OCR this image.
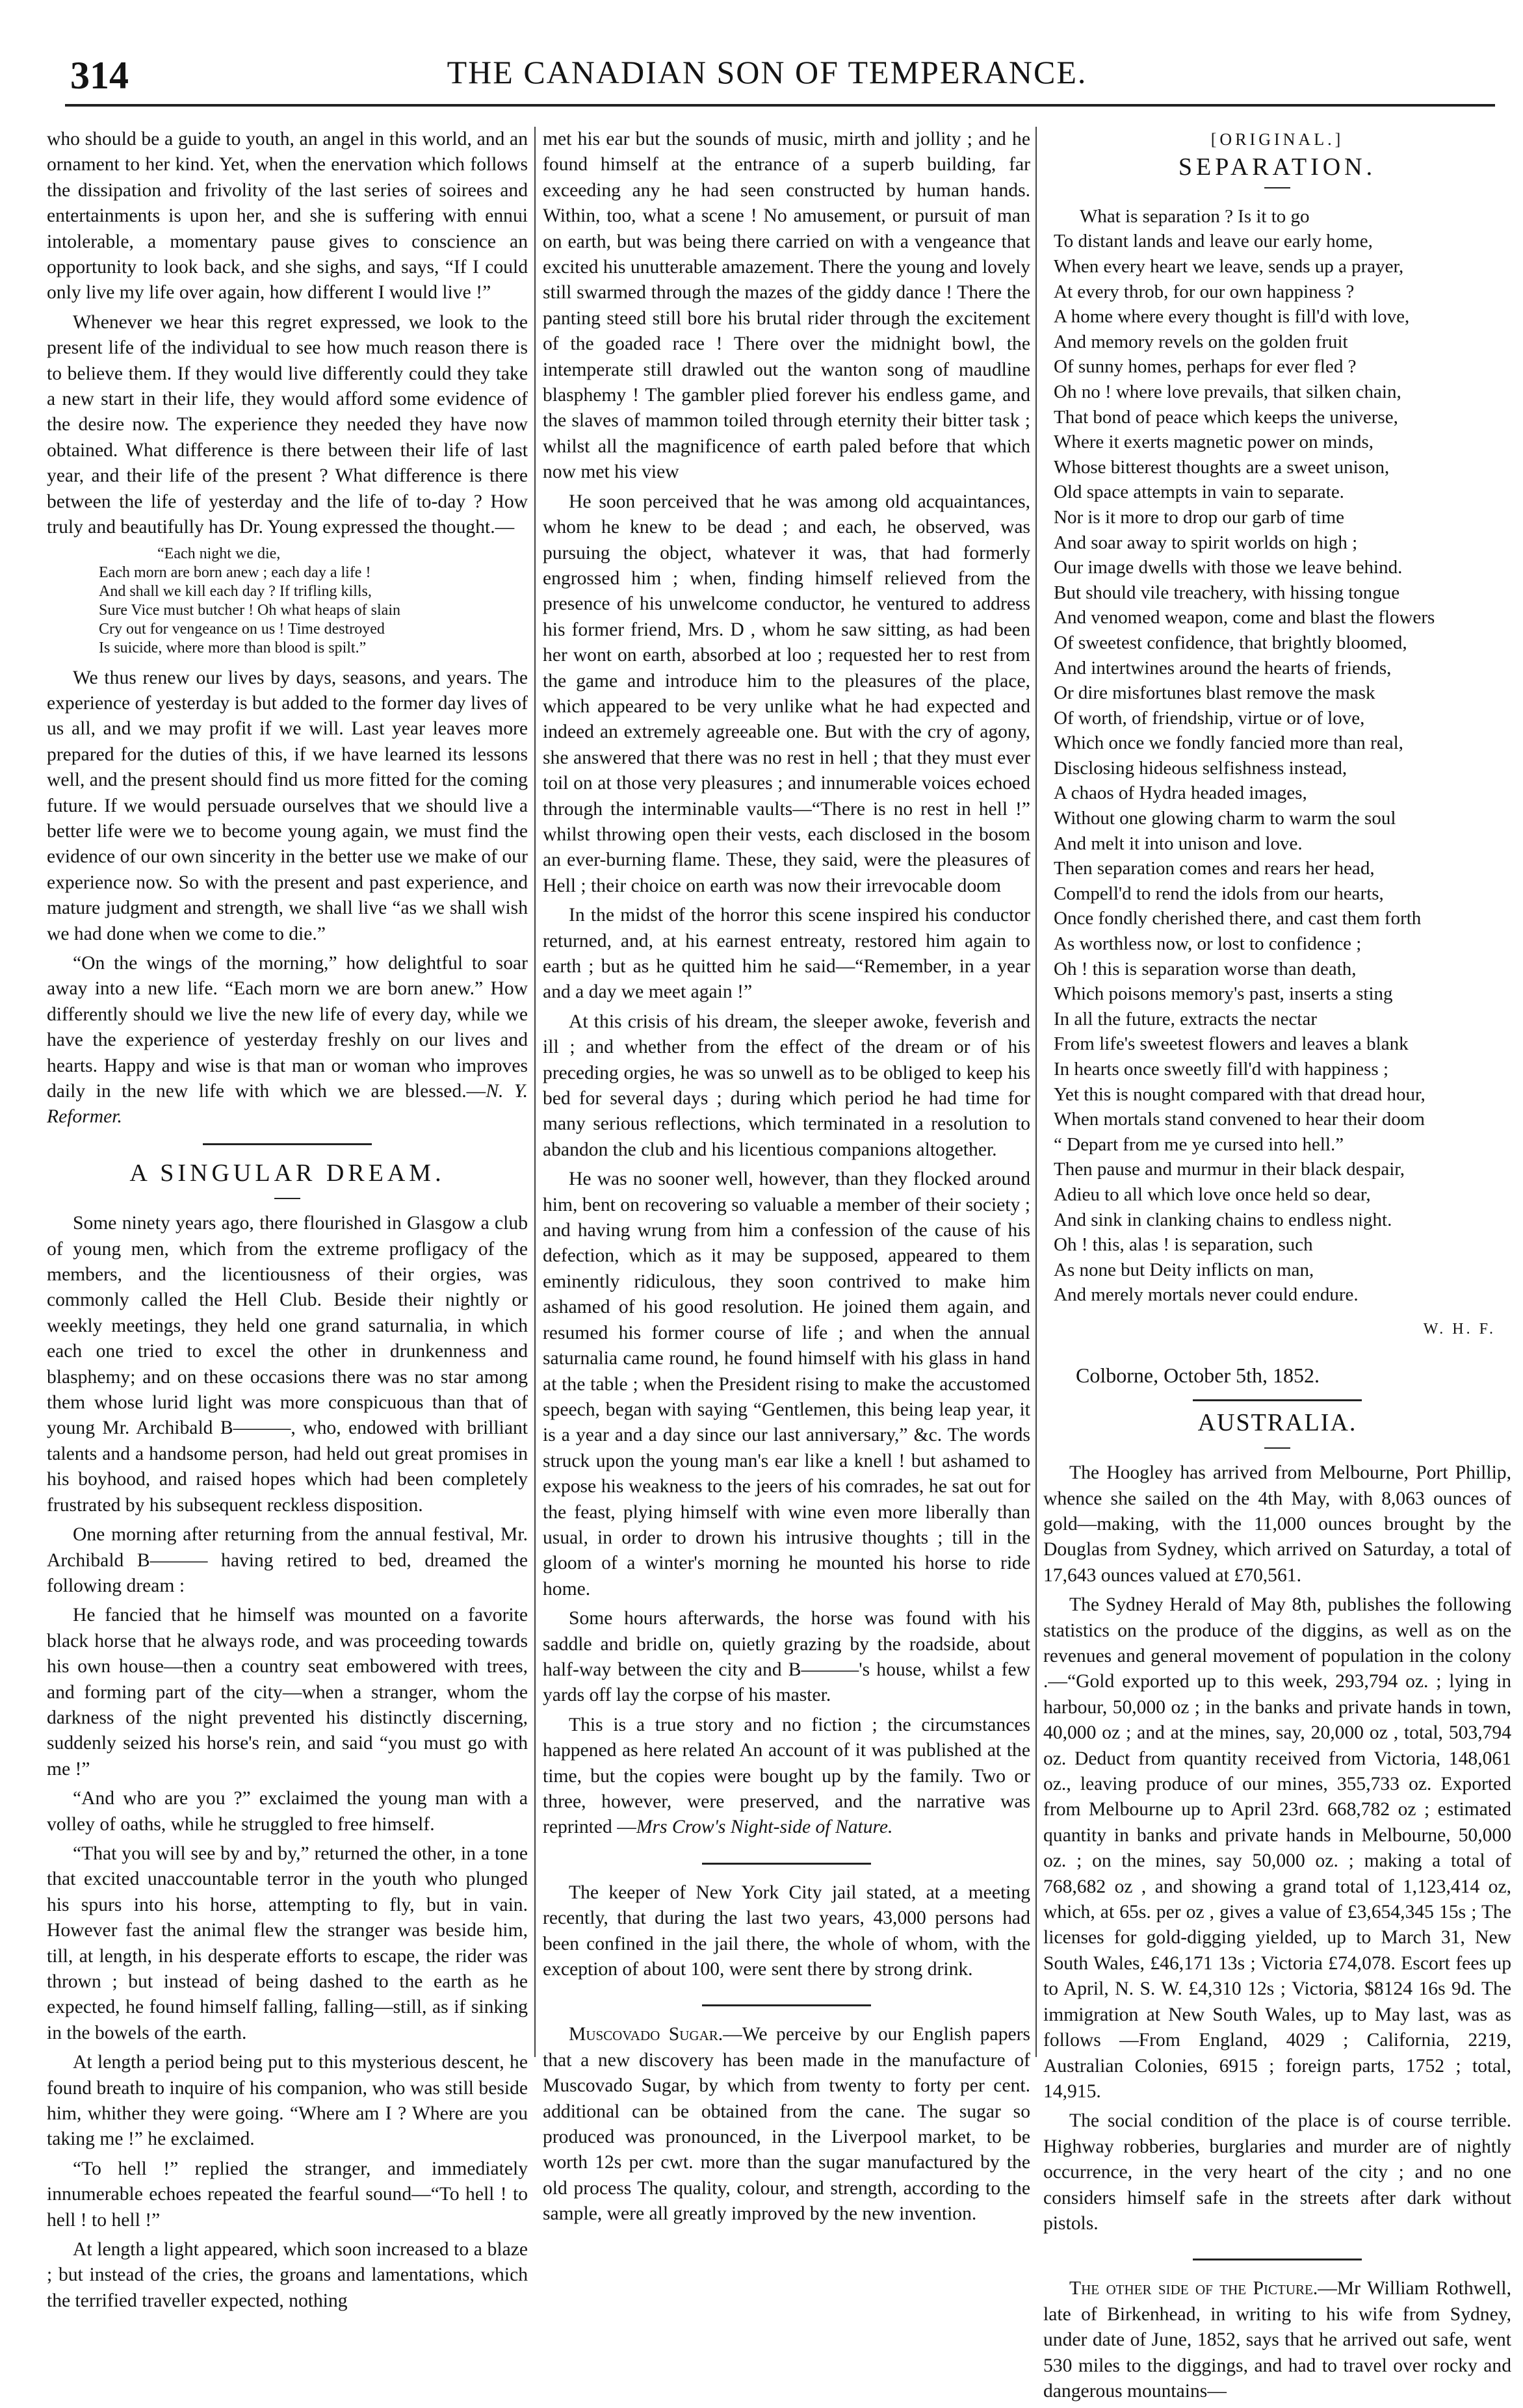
314	THE CANADIAN SON OF TEMPERANCE.

who should be a guide to youth, an angel in this world, and an ornament to her kind. Yet, when the enervation which follows the dissipation and frivolity of the last series of soirees and entertainments is upon her, and she is suffering with ennui intolerable, a momentary pause gives to conscience an opportunity to look back, and she sighs, and says, “If I could only live my life over again, how different I would live !”

Whenever we hear this regret expressed, we look to the present life of the individual to see how much reason there is to believe them. If they would live differently could they take a new start in their life, they would afford some evidence of the desire now. The experience they needed they have now obtained. What difference is there between their life of last year, and their life of the present ? What difference is there between the life of yesterday and the life of to-day ? How truly and beautifully has Dr. Young expressed the thought.—

“Each night we die,
Each morn are born anew ; each day a life !
And shall we kill each day ? If trifling kills,
Sure Vice must butcher ! Oh what heaps of slain
Cry out for vengeance on us ! Time destroyed
Is suicide, where more than blood is spilt.”

We thus renew our lives by days, seasons, and years. The experience of yesterday is but added to the former day lives of us all, and we may profit if we will. Last year leaves more prepared for the duties of this, if we have learned its lessons well, and the present should find us more fitted for the coming future. If we would persuade ourselves that we should live a better life were we to become young again, we must find the evidence of our own sincerity in the better use we make of our experience now. So with the present and past experience, and mature judgment and strength, we shall live “as we shall wish we had done when we come to die.”

“On the wings of the morning,” how delightful to soar away into a new life. “Each morn we are born anew.” How differently should we live the new life of every day, while we have the experience of yesterday freshly on our lives and hearts. Happy and wise is that man or woman who improves daily in the new life with which we are blessed.—N. Y. Reformer.

A SINGULAR DREAM.

Some ninety years ago, there flourished in Glasgow a club of young men, which from the extreme profligacy of the members, and the licentiousness of their orgies, was commonly called the Hell Club. Beside their nightly or weekly meetings, they held one grand saturnalia, in which each one tried to excel the other in drunkenness and blasphemy; and on these occasions there was no star among them whose lurid light was more conspicuous than that of young Mr. Archibald B———, who, endowed with brilliant talents and a handsome person, had held out great promises in his boyhood, and raised hopes which had been completely frustrated by his subsequent reckless disposition.

One morning after returning from the annual festival, Mr. Archibald B——— having retired to bed, dreamed the following dream :

He fancied that he himself was mounted on a favorite black horse that he always rode, and was proceeding towards his own house—then a country seat embowered with trees, and forming part of the city—when a stranger, whom the darkness of the night prevented his distinctly discerning, suddenly seized his horse's rein, and said “you must go with me !”

“And who are you ?” exclaimed the young man with a volley of oaths, while he struggled to free himself.

“That you will see by and by,” returned the other, in a tone that excited unaccountable terror in the youth who plunged his spurs into his horse, attempting to fly, but in vain. However fast the animal flew the stranger was beside him, till, at length, in his desperate efforts to escape, the rider was thrown ; but instead of being dashed to the earth as he expected, he found himself falling, falling—still, as if sinking in the bowels of the earth.

At length a period being put to this mysterious descent, he found breath to inquire of his companion, who was still beside him, whither they were going. “Where am I ? Where are you taking me !” he exclaimed.

“To hell !” replied the stranger, and immediately innumerable echoes repeated the fearful sound—“To hell ! to hell ! to hell !”

At length a light appeared, which soon increased to a blaze ; but instead of the cries, the groans and lamentations, which the terrified traveller expected, nothing

met his ear but the sounds of music, mirth and jollity ; and he found himself at the entrance of a superb building, far exceeding any he had seen constructed by human hands. Within, too, what a scene ! No amusement, or pursuit of man on earth, but was being there carried on with a vengeance that excited his unutterable amazement. There the young and lovely still swarmed through the mazes of the giddy dance ! There the panting steed still bore his brutal rider through the excitement of the goaded race ! There over the midnight bowl, the intemperate still drawled out the wanton song of maudline blasphemy ! The gambler plied forever his endless game, and the slaves of mammon toiled through eternity their bitter task ; whilst all the magnificence of earth paled before that which now met his view

He soon perceived that he was among old acquaintances, whom he knew to be dead ; and each, he observed, was pursuing the object, whatever it was, that had formerly engrossed him ; when, finding himself relieved from the presence of his unwelcome conductor, he ventured to address his former friend, Mrs. D , whom he saw sitting, as had been her wont on earth, absorbed at loo ; requested her to rest from the game and introduce him to the pleasures of the place, which appeared to be very unlike what he had expected and indeed an extremely agreeable one. But with the cry of agony, she answered that there was no rest in hell ; that they must ever toil on at those very pleasures ; and innumerable voices echoed through the interminable vaults—“There is no rest in hell !” whilst throwing open their vests, each disclosed in the bosom an ever-burning flame. These, they said, were the pleasures of Hell ; their choice on earth was now their irrevocable doom

In the midst of the horror this scene inspired his conductor returned, and, at his earnest entreaty, restored him again to earth ; but as he quitted him he said—“Remember, in a year and a day we meet again !”

At this crisis of his dream, the sleeper awoke, feverish and ill ; and whether from the effect of the dream or of his preceding orgies, he was so unwell as to be obliged to keep his bed for several days ; during which period he had time for many serious reflections, which terminated in a resolution to abandon the club and his licentious companions altogether.

He was no sooner well, however, than they flocked around him, bent on recovering so valuable a member of their society ; and having wrung from him a confession of the cause of his defection, which as it may be supposed, appeared to them eminently ridiculous, they soon contrived to make him ashamed of his good resolution. He joined them again, and resumed his former course of life ; and when the annual saturnalia came round, he found himself with his glass in hand at the table ; when the President rising to make the accustomed speech, began with saying “Gentlemen, this being leap year, it is a year and a day since our last anniversary,” &c. The words struck upon the young man's ear like a knell ! but ashamed to expose his weakness to the jeers of his comrades, he sat out for the feast, plying himself with wine even more liberally than usual, in order to drown his intrusive thoughts ; till in the gloom of a winter's morning he mounted his horse to ride home.

Some hours afterwards, the horse was found with his saddle and bridle on, quietly grazing by the roadside, about half-way between the city and B———'s house, whilst a few yards off lay the corpse of his master.

This is a true story and no fiction ; the circumstances happened as here related An account of it was published at the time, but the copies were bought up by the family. Two or three, however, were preserved, and the narrative was reprinted —Mrs Crow's Night-side of Nature.

The keeper of New York City jail stated, at a meeting recently, that during the last two years, 43,000 persons had been confined in the jail there, the whole of whom, with the exception of about 100, were sent there by strong drink.

Muscovado Sugar.—We perceive by our English papers that a new discovery has been made in the manufacture of Muscovado Sugar, by which from twenty to forty per cent. additional can be obtained from the cane. The sugar so produced was pronounced, in the Liverpool market, to be worth 12s per cwt. more than the sugar manufactured by the old process The quality, colour, and strength, according to the sample, were all greatly improved by the new invention.

[ORIGINAL.]
SEPARATION.
What is separation ? Is it to go
To distant lands and leave our early home,
When every heart we leave, sends up a prayer,
At every throb, for our own happiness ?
A home where every thought is fill'd with love,
And memory revels on the golden fruit
Of sunny homes, perhaps for ever fled ?
Oh no ! where love prevails, that silken chain,
That bond of peace which keeps the universe,
Where it exerts magnetic power on minds,
Whose bitterest thoughts are a sweet unison,
Old space attempts in vain to separate.
Nor is it more to drop our garb of time
And soar away to spirit worlds on high ;
Our image dwells with those we leave behind.
But should vile treachery, with hissing tongue
And venomed weapon, come and blast the flowers
Of sweetest confidence, that brightly bloomed,
And intertwines around the hearts of friends,
Or dire misfortunes blast remove the mask
Of worth, of friendship, virtue or of love,
Which once we fondly fancied more than real,
Disclosing hideous selfishness instead,
A chaos of Hydra headed images,
Without one glowing charm to warm the soul
And melt it into unison and love.
Then separation comes and rears her head,
Compell'd to rend the idols from our hearts,
Once fondly cherished there, and cast them forth
As worthless now, or lost to confidence ;
Oh ! this is separation worse than death,
Which poisons memory's past, inserts a sting
In all the future, extracts the nectar
From life's sweetest flowers and leaves a blank
In hearts once sweetly fill'd with happiness ;
Yet this is nought compared with that dread hour,
When mortals stand convened to hear their doom
“ Depart from me ye cursed into hell.”
Then pause and murmur in their black despair,
Adieu to all which love once held so dear,
And sink in clanking chains to endless night.
Oh ! this, alas ! is separation, such
As none but Deity inflicts on man,
And merely mortals never could endure.
W. H. F.
Colborne, October 5th, 1852.
AUSTRALIA.

The Hoogley has arrived from Melbourne, Port Phillip, whence she sailed on the 4th May, with 8,063 ounces of gold—making, with the 11,000 ounces brought by the Douglas from Sydney, which arrived on Saturday, a total of 17,643 ounces valued at £70,561.

The Sydney Herald of May 8th, publishes the following statistics on the produce of the diggins, as well as on the revenues and general movement of population in the colony .—“Gold exported up to this week, 293,794 oz. ; lying in harbour, 50,000 oz ; in the banks and private hands in town, 40,000 oz ; and at the mines, say, 20,000 oz , total, 503,794 oz. Deduct from quantity received from Victoria, 148,061 oz., leaving produce of our mines, 355,733 oz. Exported from Melbourne up to April 23rd. 668,782 oz ; estimated quantity in banks and private hands in Melbourne, 50,000 oz. ; on the mines, say 50,000 oz. ; making a total of 768,682 oz , and showing a grand total of 1,123,414 oz, which, at 65s. per oz , gives a value of £3,654,345 15s ; The licenses for gold-digging yielded, up to March 31, New South Wales, £46,171 13s ; Victoria £74,078. Escort fees up to April, N. S. W. £4,310 12s ; Victoria, $8124 16s 9d. The immigration at New South Wales, up to May last, was as follows —From England, 4029 ; California, 2219, Australian Colonies, 6915 ; foreign parts, 1752 ; total, 14,915.

The social condition of the place is of course terrible. Highway robberies, burglaries and murder are of nightly occurrence, in the very heart of the city ; and no one considers himself safe in the streets after dark without pistols.

The other side of the Picture.—Mr William Rothwell, late of Birkenhead, in writing to his wife from Sydney, under date of June, 1852, says that he arrived out safe, went 530 miles to the diggings, and had to travel over rocky and dangerous mountains—
